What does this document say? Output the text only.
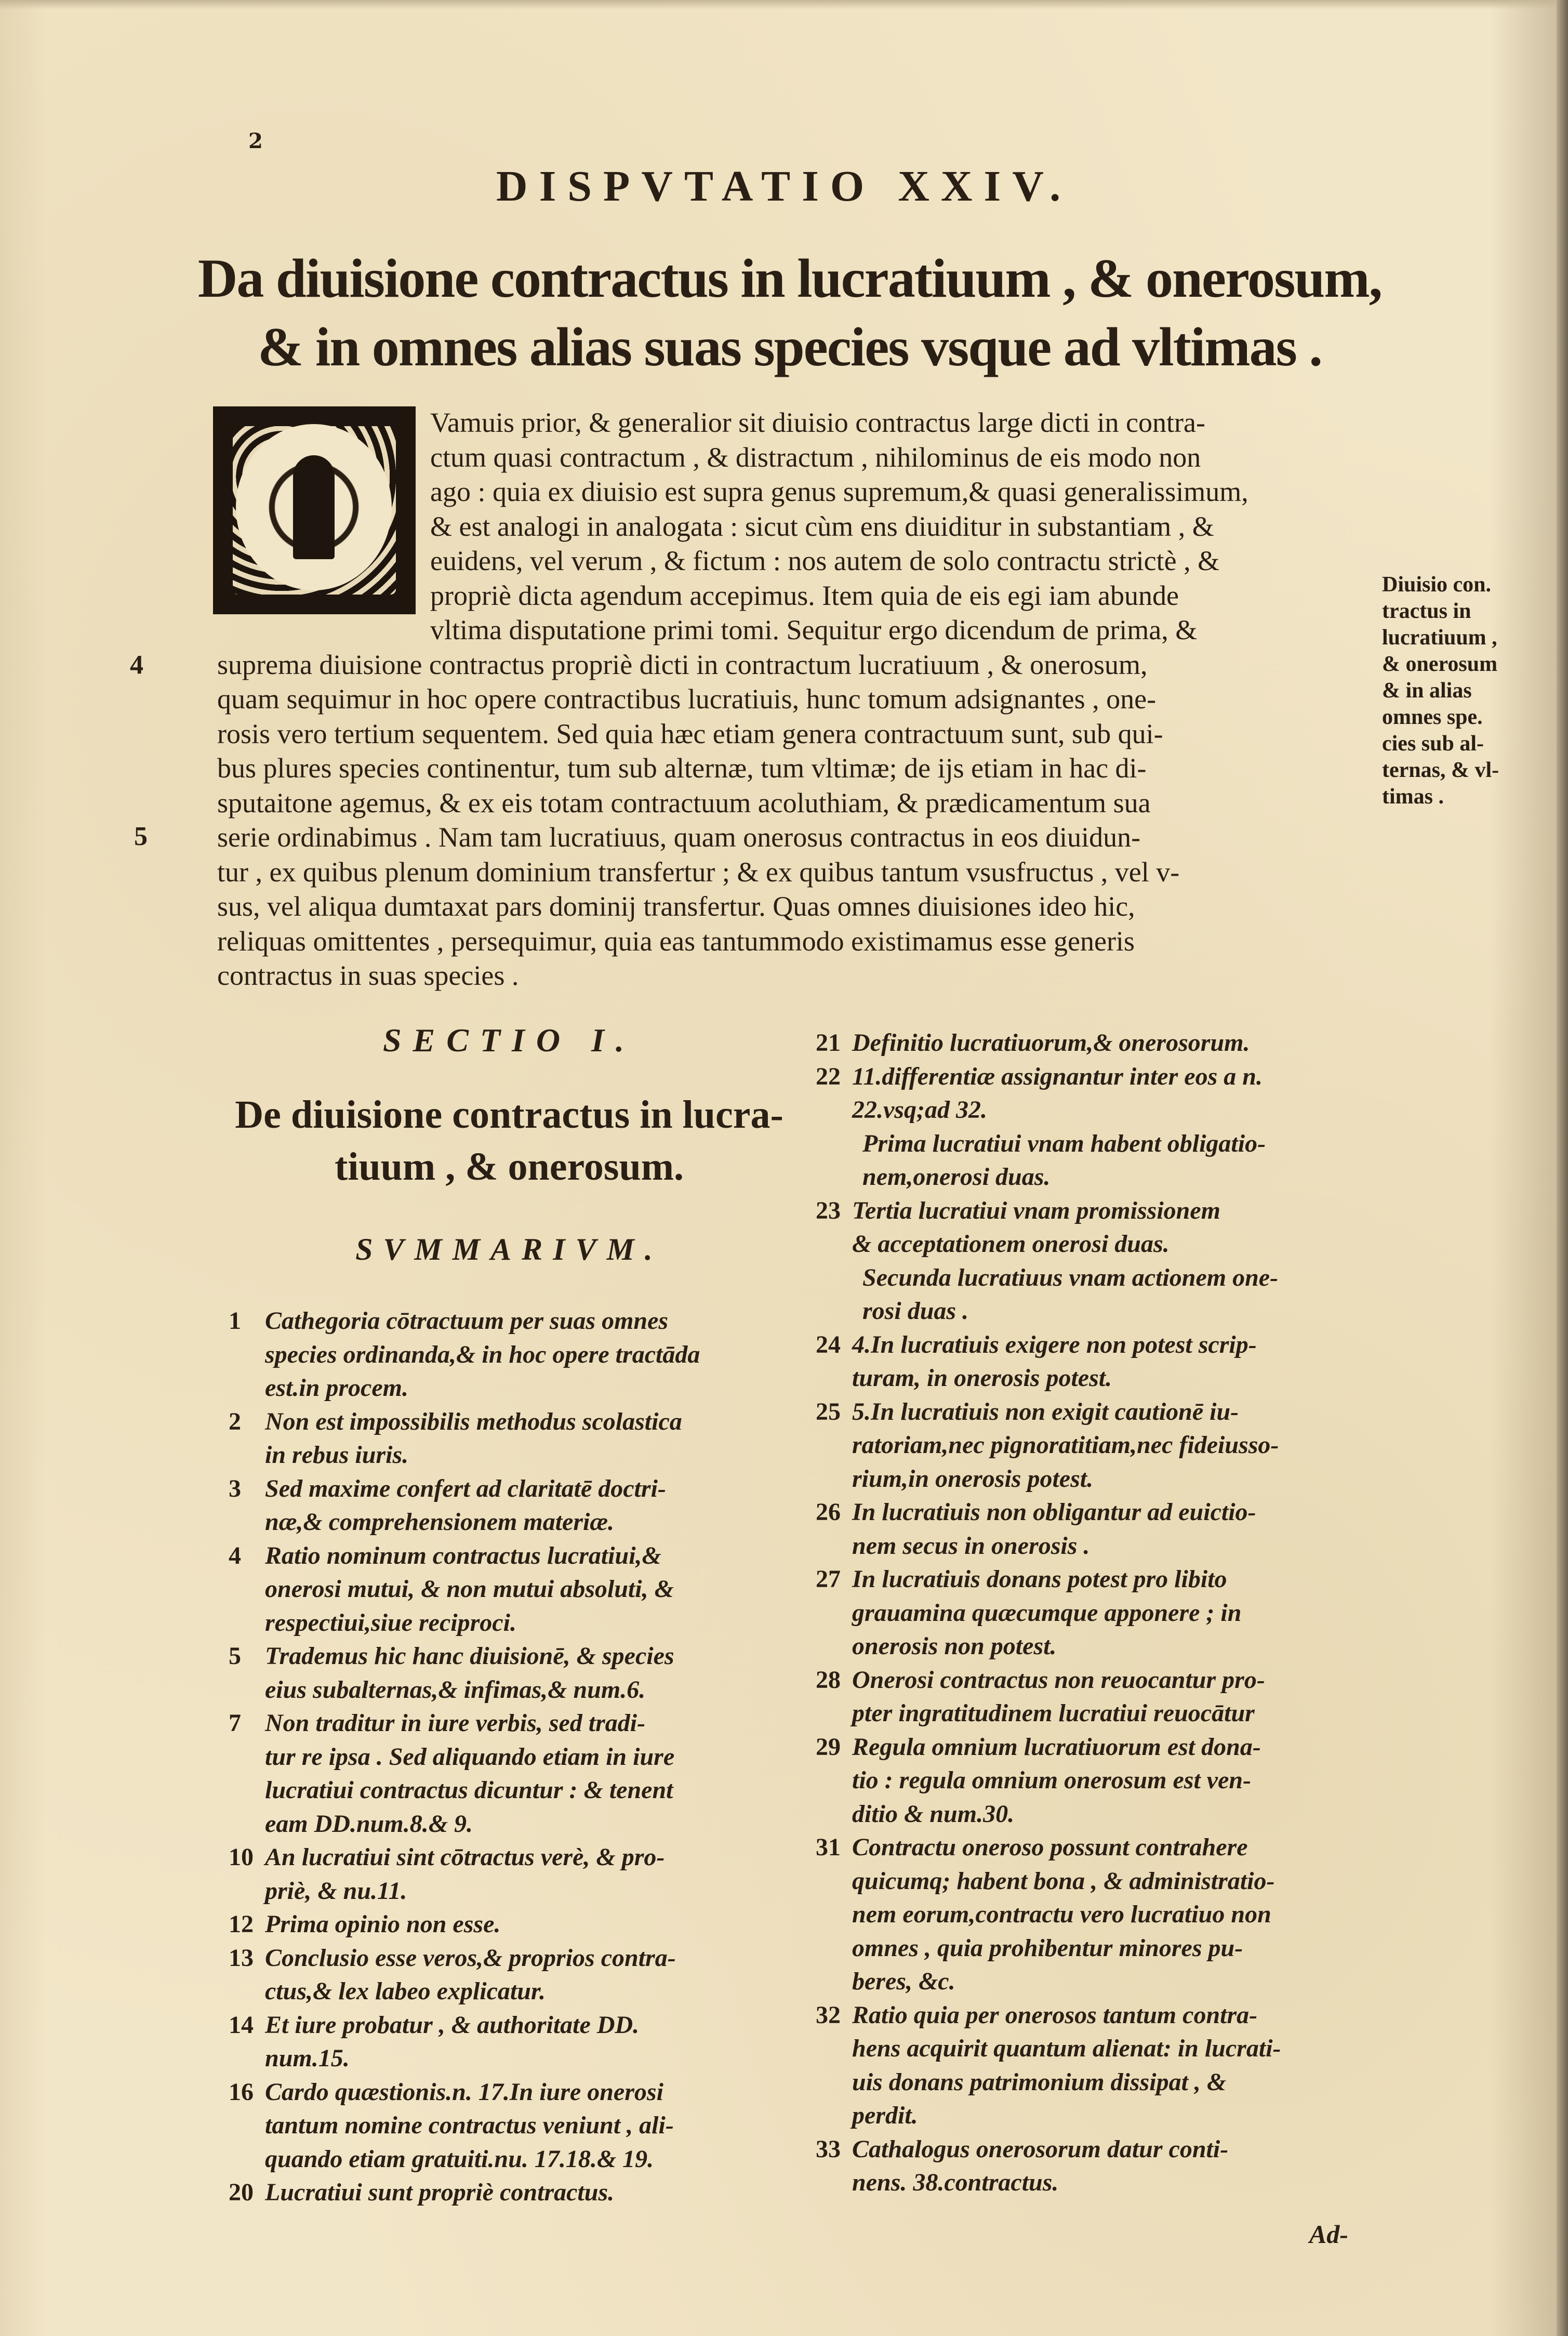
2
DISPVTATIO XXIV.
Da diuisione contractus in lucratiuum , & onerosum,
& in omnes alias suas species vsque ad vltimas .
Vamuis prior, & generalior sit diuisio contractus large dicti in contra-
ctum quasi contractum , & distractum , nihilominus de eis modo non
ago : quia ex diuisio est supra genus supremum,& quasi generalissimum,
& est analogi in analogata : sicut cùm ens diuiditur in substantiam , &
euidens, vel verum , & fictum : nos autem de solo contractu strictè , &
propriè dicta agendum accepimus. Item quia de eis egi iam abunde
vltima disputatione primi tomi. Sequitur ergo dicendum de prima, &
suprema diuisione contractus propriè dicti in contractum lucratiuum , & onerosum,
quam sequimur in hoc opere contractibus lucratiuis, hunc tomum adsignantes , one-
rosis vero tertium sequentem. Sed quia hæc etiam genera contractuum sunt, sub qui-
bus plures species continentur, tum sub alternæ, tum vltimæ; de ijs etiam in hac di-
sputaitone agemus, & ex eis totam contractuum acoluthiam, & prædicamentum sua
serie ordinabimus . Nam tam lucratiuus, quam onerosus contractus in eos diuidun-
tur , ex quibus plenum dominium transfertur ; & ex quibus tantum vsusfructus , vel v-
sus, vel aliqua dumtaxat pars dominij transfertur. Quas omnes diuisiones ideo hic,
reliquas omittentes , persequimur, quia eas tantummodo existimamus esse generis
contractus in suas species .
4
5
Diuisio con.
tractus in
lucratiuum ,
& onerosum
& in alias
omnes spe.
cies sub al-
ternas, & vl-
timas .
SECTIO I.
De diuisione contractus in lucra-
tiuum , & onerosum.
SVMMARIVM.
1 Cathegoria cōtractuum per suas omnes
species ordinanda,& in hoc opere tractāda
est.in procem.
2 Non est impossibilis methodus scolastica
in rebus iuris.
3 Sed maxime confert ad claritatē doctri-
næ,& comprehensionem materiæ.
4 Ratio nominum contractus lucratiui,&
onerosi mutui, & non mutui absoluti, &
respectiui,siue reciproci.
5 Trademus hic hanc diuisionē, & species
eius subalternas,& infimas,& num.6.
7 Non traditur in iure verbis, sed tradi-
tur re ipsa . Sed aliquando etiam in iure
lucratiui contractus dicuntur : & tenent
eam DD.num.8.& 9.
10 An lucratiui sint cōtractus verè, & pro-
priè, & nu.11.
12 Prima opinio non esse.
13 Conclusio esse veros,& proprios contra-
ctus,& lex labeo explicatur.
14 Et iure probatur , & authoritate DD.
num.15.
16 Cardo quæstionis.n. 17.In iure onerosi
tantum nomine contractus veniunt , ali-
quando etiam gratuiti.nu. 17.18.& 19.
20 Lucratiui sunt propriè contractus.
21 Definitio lucratiuorum,& onerosorum.
22 11.differentiæ assignantur inter eos a n.
22.vsq;ad 32.
Prima lucratiui vnam habent obligatio-
nem,onerosi duas.
23 Tertia lucratiui vnam promissionem
& acceptationem onerosi duas.
Secunda lucratiuus vnam actionem one-
rosi duas .
24 4.In lucratiuis exigere non potest scrip-
turam, in onerosis potest.
25 5.In lucratiuis non exigit cautionē iu-
ratoriam,nec pignoratitiam,nec fideiusso-
rium,in onerosis potest.
26 In lucratiuis non obligantur ad euictio-
nem secus in onerosis .
27 In lucratiuis donans potest pro libito
grauamina quæcumque apponere ; in
onerosis non potest.
28 Onerosi contractus non reuocantur pro-
pter ingratitudinem lucratiui reuocātur
29 Regula omnium lucratiuorum est dona-
tio : regula omnium onerosum est ven-
ditio & num.30.
31 Contractu oneroso possunt contrahere
quicumq; habent bona , & administratio-
nem eorum,contractu vero lucratiuo non
omnes , quia prohibentur minores pu-
beres, &c.
32 Ratio quia per onerosos tantum contra-
hens acquirit quantum alienat: in lucrati-
uis donans patrimonium dissipat , &
perdit.
33 Cathalogus onerosorum datur conti-
nens. 38.contractus.
Ad-
